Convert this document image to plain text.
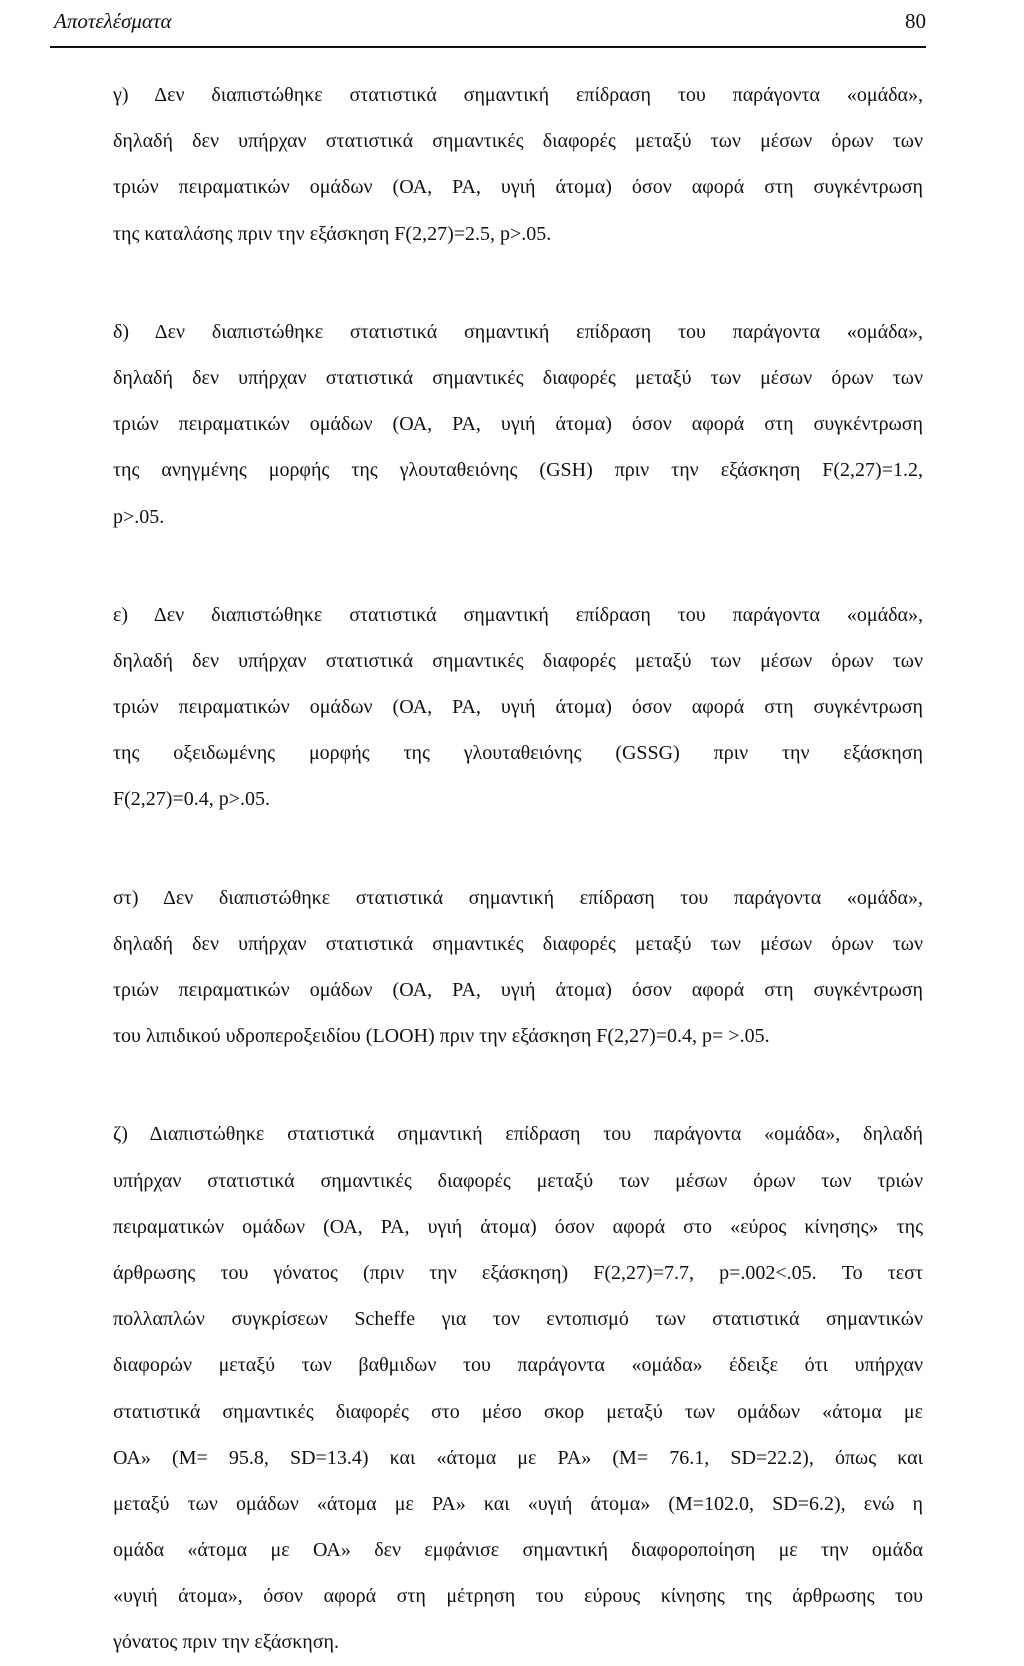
Αποτελέσματα	80
γ) Δεν διαπιστώθηκε στατιστικά σημαντική επίδραση του παράγοντα «ομάδα»,
δηλαδή δεν υπήρχαν στατιστικά σημαντικές διαφορές μεταξύ των μέσων όρων των
τριών πειραματικών ομάδων (ΟΑ, ΡΑ, υγιή άτομα) όσον αφορά στη συγκέντρωση
της καταλάσης πριν την εξάσκηση F(2,27)=2.5, p>.05.
δ) Δεν διαπιστώθηκε στατιστικά σημαντική επίδραση του παράγοντα «ομάδα»,
δηλαδή δεν υπήρχαν στατιστικά σημαντικές διαφορές μεταξύ των μέσων όρων των
τριών πειραματικών ομάδων (ΟΑ, ΡΑ, υγιή άτομα) όσον αφορά στη συγκέντρωση
της ανηγμένης μορφής της γλουταθειόνης (GSH) πριν την εξάσκηση F(2,27)=1.2,
p>.05.
ε) Δεν διαπιστώθηκε στατιστικά σημαντική επίδραση του παράγοντα «ομάδα»,
δηλαδή δεν υπήρχαν στατιστικά σημαντικές διαφορές μεταξύ των μέσων όρων των
τριών πειραματικών ομάδων (ΟΑ, ΡΑ, υγιή άτομα) όσον αφορά στη συγκέντρωση
της οξειδωμένης μορφής της γλουταθειόνης (GSSG) πριν την εξάσκηση
F(2,27)=0.4, p>.05.
στ) Δεν διαπιστώθηκε στατιστικά σημαντική επίδραση του παράγοντα «ομάδα»,
δηλαδή δεν υπήρχαν στατιστικά σημαντικές διαφορές μεταξύ των μέσων όρων των
τριών πειραματικών ομάδων (ΟΑ, ΡΑ, υγιή άτομα) όσον αφορά στη συγκέντρωση
του λιπιδικού υδροπεροξειδίου (LOOH) πριν την εξάσκηση F(2,27)=0.4, p= >.05.
ζ) Διαπιστώθηκε στατιστικά σημαντική επίδραση του παράγοντα «ομάδα», δηλαδή
υπήρχαν στατιστικά σημαντικές διαφορές μεταξύ των μέσων όρων των τριών
πειραματικών ομάδων (ΟΑ, ΡΑ, υγιή άτομα) όσον αφορά στο «εύρος κίνησης» της
άρθρωσης του γόνατος (πριν την εξάσκηση) F(2,27)=7.7, p=.002<.05. Το τεστ
πολλαπλών συγκρίσεων Scheffe για τον εντοπισμό των στατιστικά σημαντικών
διαφορών μεταξύ των βαθμιδων του παράγοντα «ομάδα» έδειξε ότι υπήρχαν
στατιστικά σημαντικές διαφορές στο μέσο σκορ μεταξύ των ομάδων «άτομα με
ΟΑ» (M= 95.8, SD=13.4) και «άτομα με ΡΑ» (M= 76.1, SD=22.2), όπως και
μεταξύ των ομάδων «άτομα με ΡΑ» και «υγιή άτομα» (M=102.0, SD=6.2), ενώ η
ομάδα «άτομα με ΟΑ» δεν εμφάνισε σημαντική διαφοροποίηση με την ομάδα
«υγιή άτομα», όσον αφορά στη μέτρηση του εύρους κίνησης της άρθρωσης του
γόνατος πριν την εξάσκηση.
